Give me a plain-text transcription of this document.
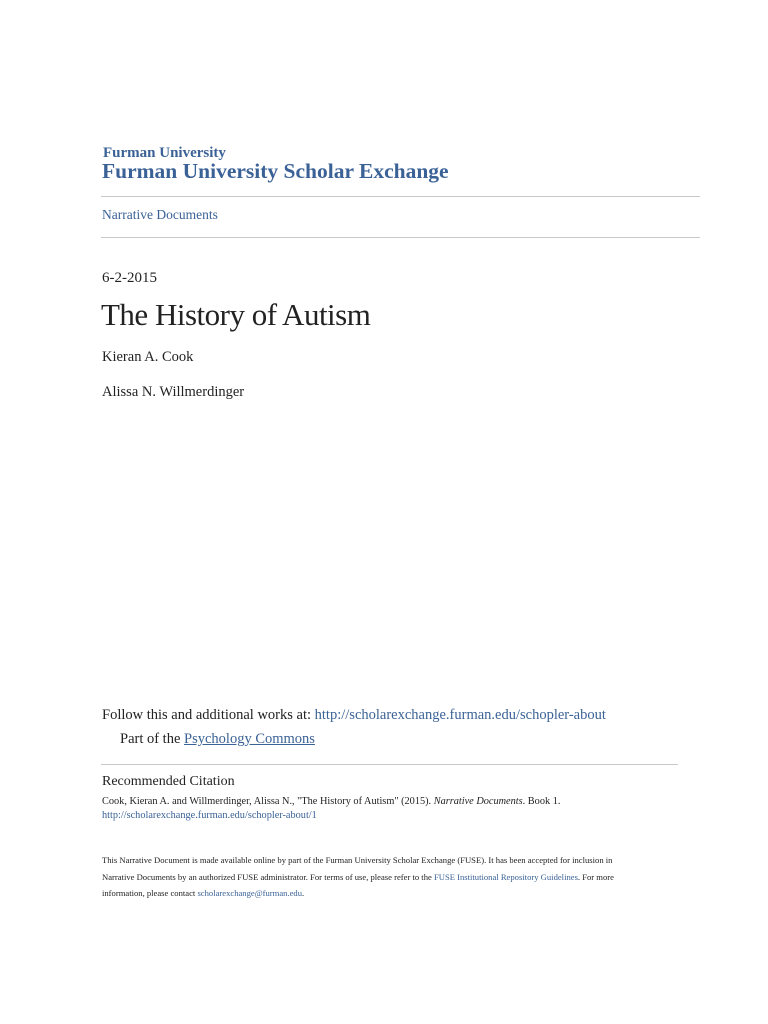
Furman University
Furman University Scholar Exchange
Narrative Documents
6-2-2015
The History of Autism
Kieran A. Cook
Alissa N. Willmerdinger
Follow this and additional works at: http://scholarexchange.furman.edu/schopler-about
Part of the Psychology Commons
Recommended Citation
Cook, Kieran A. and Willmerdinger, Alissa N., "The History of Autism" (2015). Narrative Documents. Book 1.
http://scholarexchange.furman.edu/schopler-about/1
This Narrative Document is made available online by part of the Furman University Scholar Exchange (FUSE). It has been accepted for inclusion in
Narrative Documents by an authorized FUSE administrator. For terms of use, please refer to the FUSE Institutional Repository Guidelines. For more
information, please contact scholarexchange@furman.edu.
